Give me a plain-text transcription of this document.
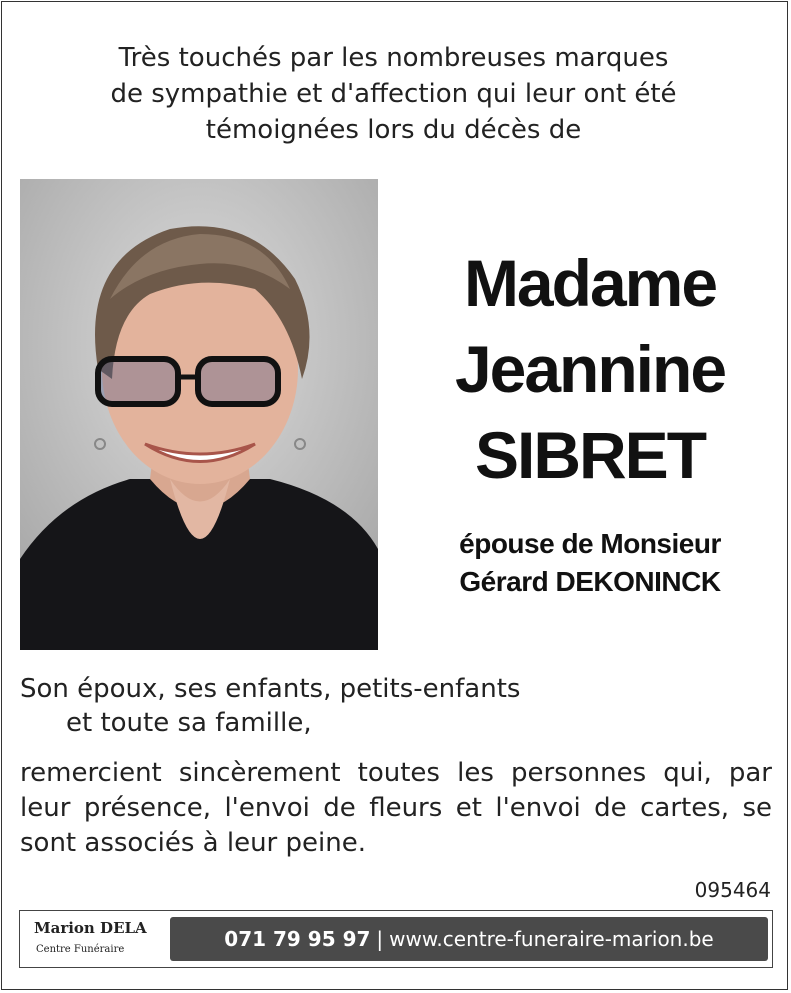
Très touchés par les nombreuses marques
de sympathie et d'affection qui leur ont été
témoignées lors du décès de
Madame
Jeannine
SIBRET
épouse de Monsieur
Gérard DEKONINCK
Son époux, ses enfants, petits-enfants
et toute sa famille,
remercient sincèrement toutes les personnes qui, par leur présence, l'envoi de fleurs et l'envoi de cartes, se sont associés à leur peine.
095464
Marion DELA
Centre Funéraire	071 79 95 97 | www.centre-funeraire-marion.be
